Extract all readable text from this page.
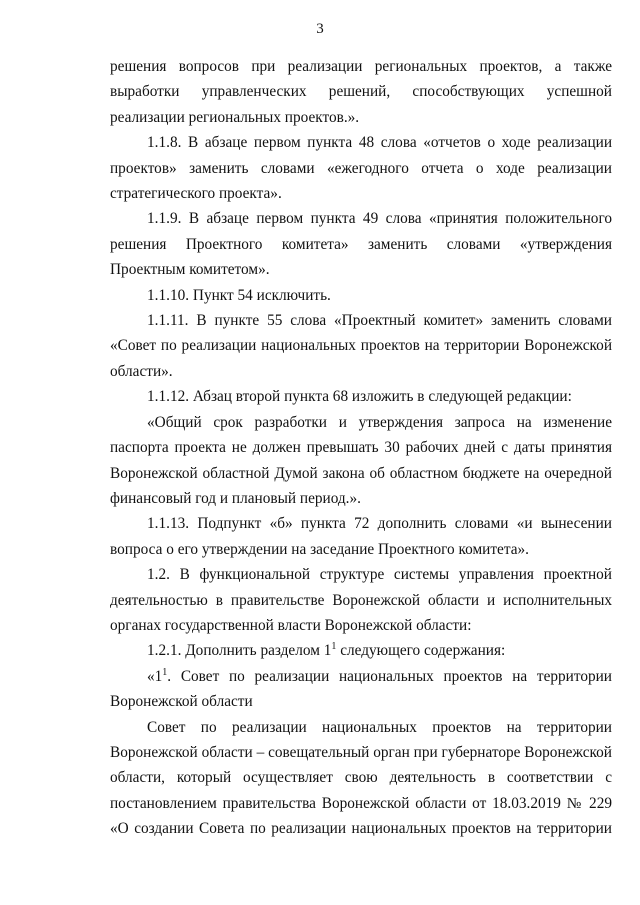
3

решения вопросов при реализации региональных проектов, а также выработки управленческих решений, способствующих успешной реализации региональных проектов.».

1.1.8. В абзаце первом пункта 48 слова «отчетов о ходе реализации проектов» заменить словами «ежегодного отчета о ходе реализации стратегического проекта».

1.1.9. В абзаце первом пункта 49 слова «принятия положительного решения Проектного комитета» заменить словами «утверждения Проектным комитетом».

1.1.10. Пункт 54 исключить.

1.1.11. В пункте 55 слова «Проектный комитет» заменить словами «Совет по реализации национальных проектов на территории Воронежской области».

1.1.12. Абзац второй пункта 68 изложить в следующей редакции:

«Общий срок разработки и утверждения запроса на изменение паспорта проекта не должен превышать 30 рабочих дней с даты принятия Воронежской областной Думой закона об областном бюджете на очередной финансовый год и плановый период.».

1.1.13. Подпункт «б» пункта 72 дополнить словами «и вынесении вопроса о его утверждении на заседание Проектного комитета».

1.2. В функциональной структуре системы управления проектной деятельностью в правительстве Воронежской области и исполнительных органах государственной власти Воронежской области:

1.2.1. Дополнить разделом $1^1$ следующего содержания:

«$1^1$. Совет по реализации национальных проектов на территории Воронежской области

Совет по реализации национальных проектов на территории Воронежской области – совещательный орган при губернаторе Воронежской области, который осуществляет свою деятельность в соответствии с постановлением правительства Воронежской области от 18.03.2019 № 229 «О создании Совета по реализации национальных проектов на территории
